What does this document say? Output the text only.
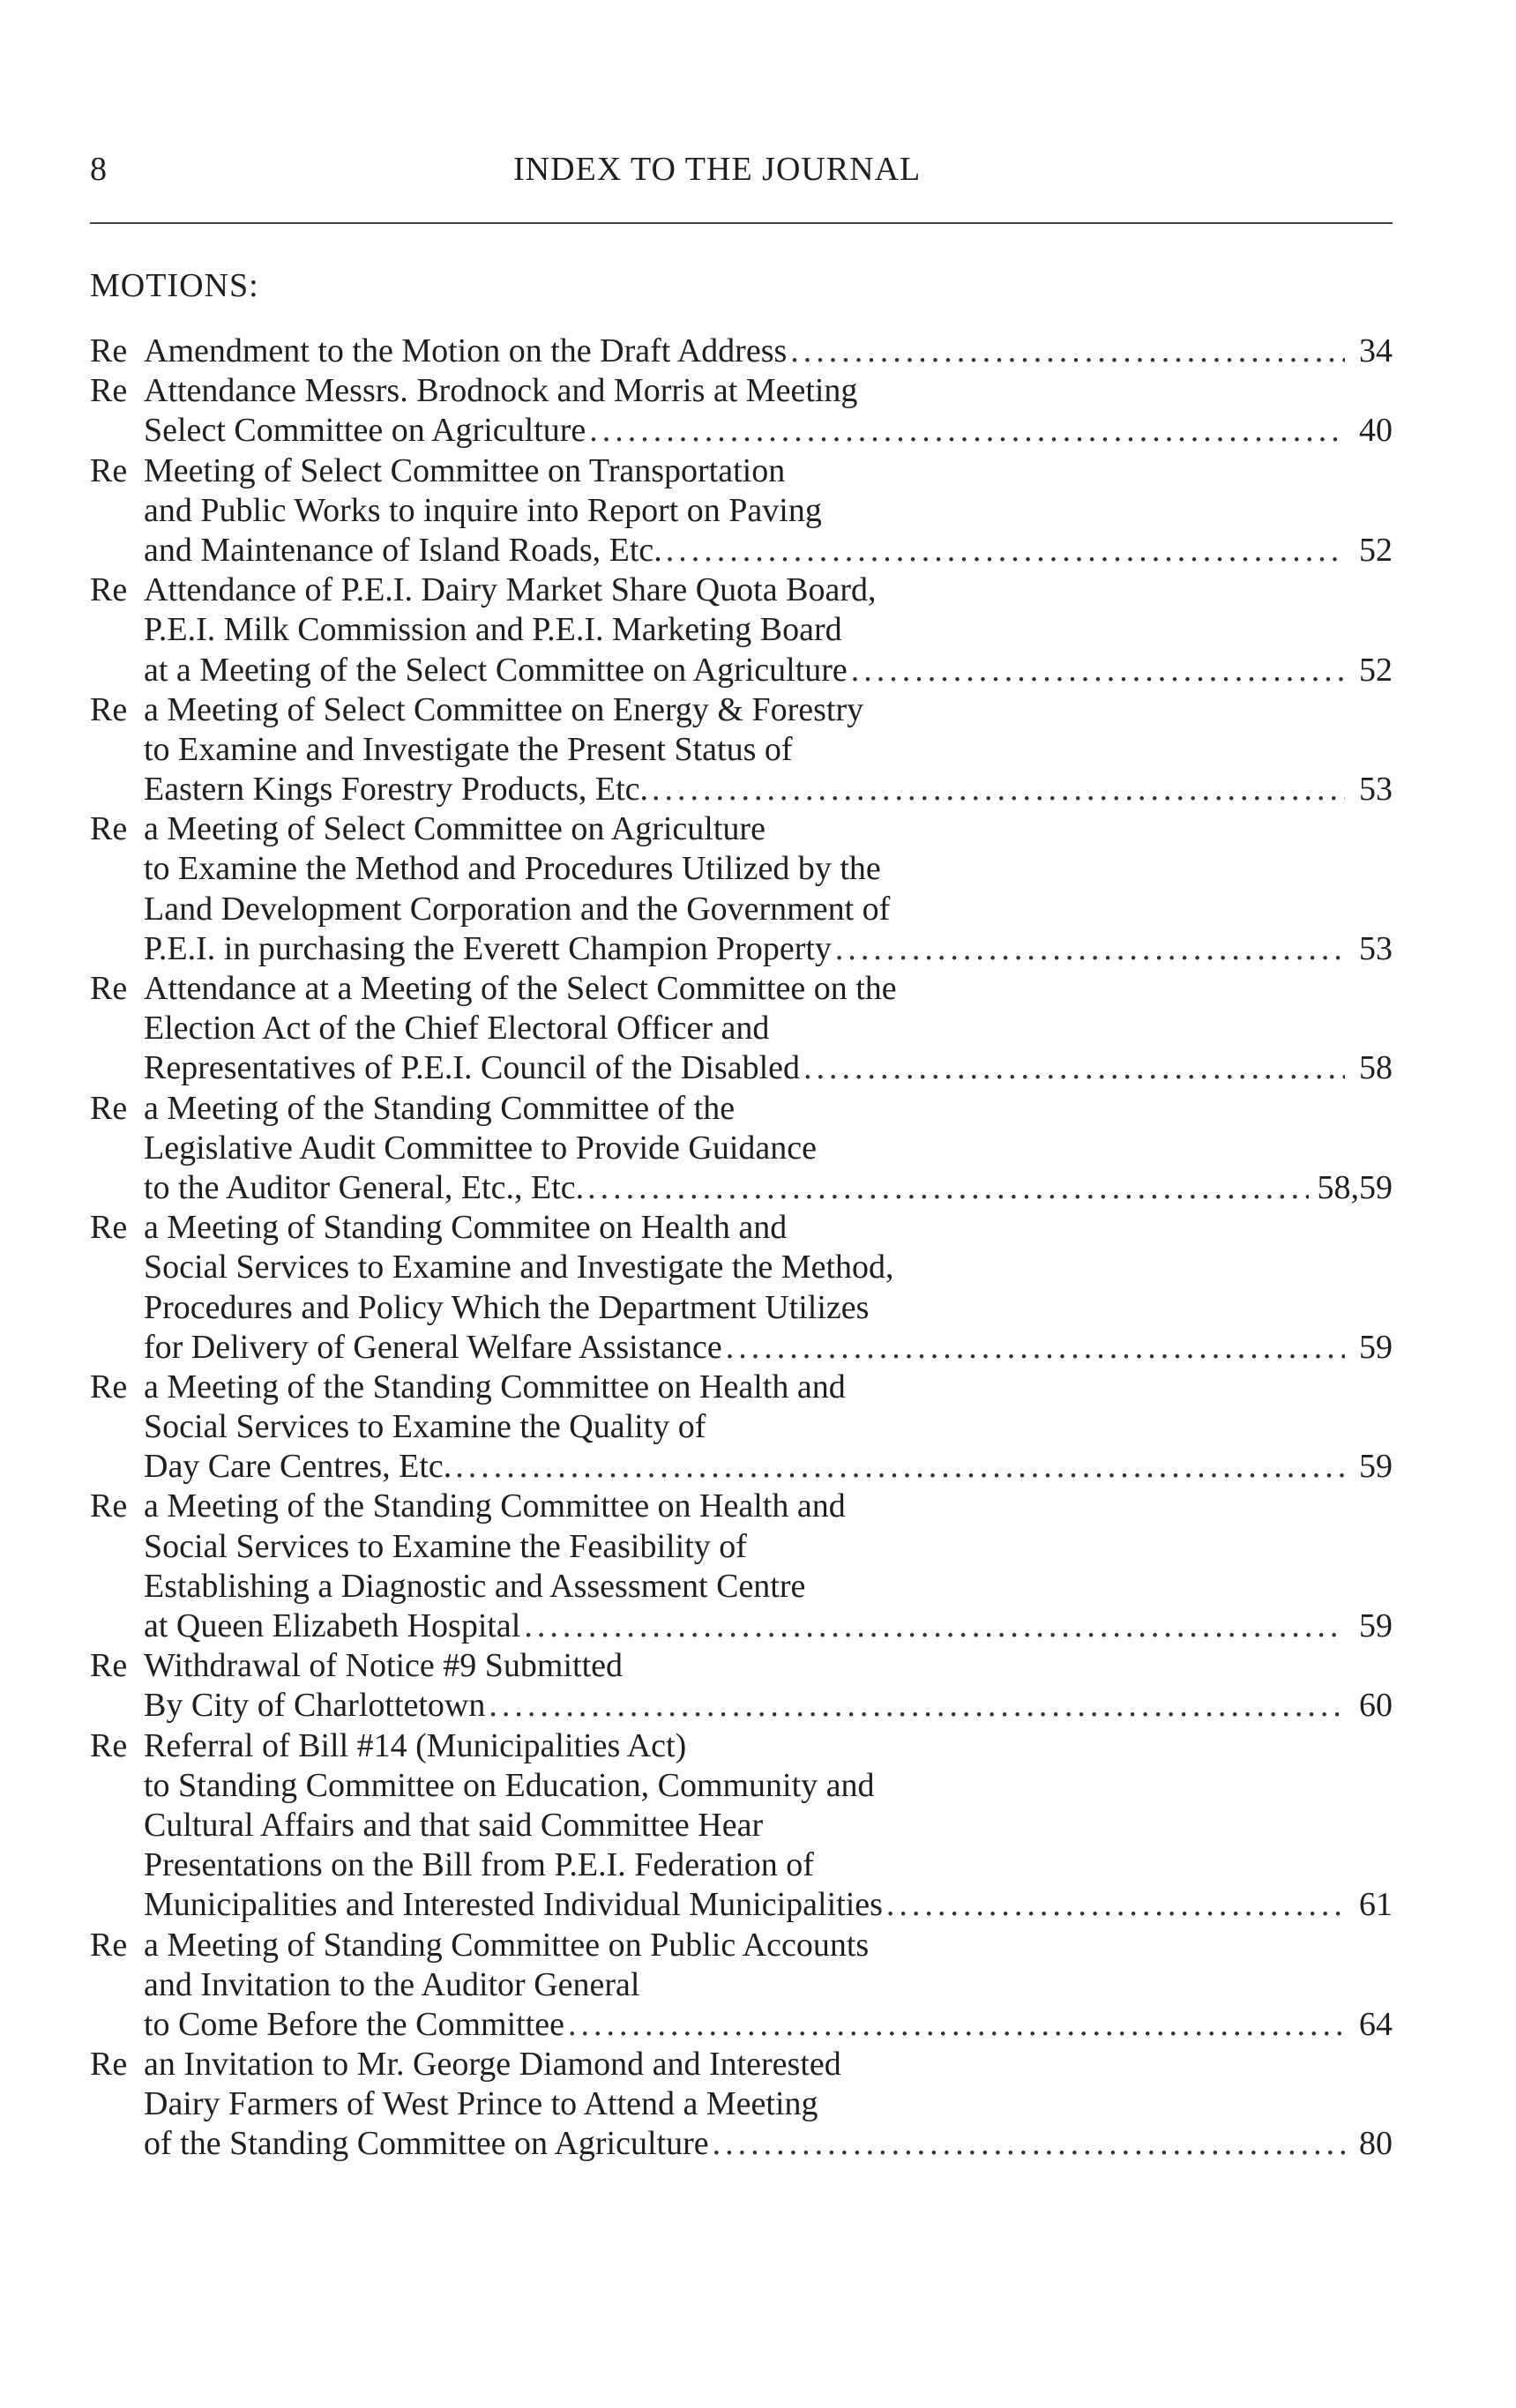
8	INDEX TO THE JOURNAL
MOTIONS:
Re Amendment to the Motion on the Draft Address .....	34
Re Attendance Messrs. Brodnock and Morris at Meeting
Select Committee on Agriculture .....	40
Re Meeting of Select Committee on Transportation
and Public Works to inquire into Report on Paving
and Maintenance of Island Roads, Etc. .....	52
Re Attendance of P.E.I. Dairy Market Share Quota Board,
P.E.I. Milk Commission and P.E.I. Marketing Board
at a Meeting of the Select Committee on Agriculture .....	52
Re a Meeting of Select Committee on Energy & Forestry
to Examine and Investigate the Present Status of
Eastern Kings Forestry Products, Etc. .....	53
Re a Meeting of Select Committee on Agriculture
to Examine the Method and Procedures Utilized by the
Land Development Corporation and the Government of
P.E.I. in purchasing the Everett Champion Property .....	53
Re Attendance at a Meeting of the Select Committee on the
Election Act of the Chief Electoral Officer and
Representatives of P.E.I. Council of the Disabled .....	58
Re a Meeting of the Standing Committee of the
Legislative Audit Committee to Provide Guidance
to the Auditor General, Etc., Etc. .....	58,59
Re a Meeting of Standing Commitee on Health and
Social Services to Examine and Investigate the Method,
Procedures and Policy Which the Department Utilizes
for Delivery of General Welfare Assistance .....	59
Re a Meeting of the Standing Committee on Health and
Social Services to Examine the Quality of
Day Care Centres, Etc. .....	59
Re a Meeting of the Standing Committee on Health and
Social Services to Examine the Feasibility of
Establishing a Diagnostic and Assessment Centre
at Queen Elizabeth Hospital .....	59
Re Withdrawal of Notice #9 Submitted
By City of Charlottetown .....	60
Re Referral of Bill #14 (Municipalities Act)
to Standing Committee on Education, Community and
Cultural Affairs and that said Committee Hear
Presentations on the Bill from P.E.I. Federation of
Municipalities and Interested Individual Municipalities .....	61
Re a Meeting of Standing Committee on Public Accounts
and Invitation to the Auditor General
to Come Before the Committee .....	64
Re an Invitation to Mr. George Diamond and Interested
Dairy Farmers of West Prince to Attend a Meeting
of the Standing Committee on Agriculture .....	80
